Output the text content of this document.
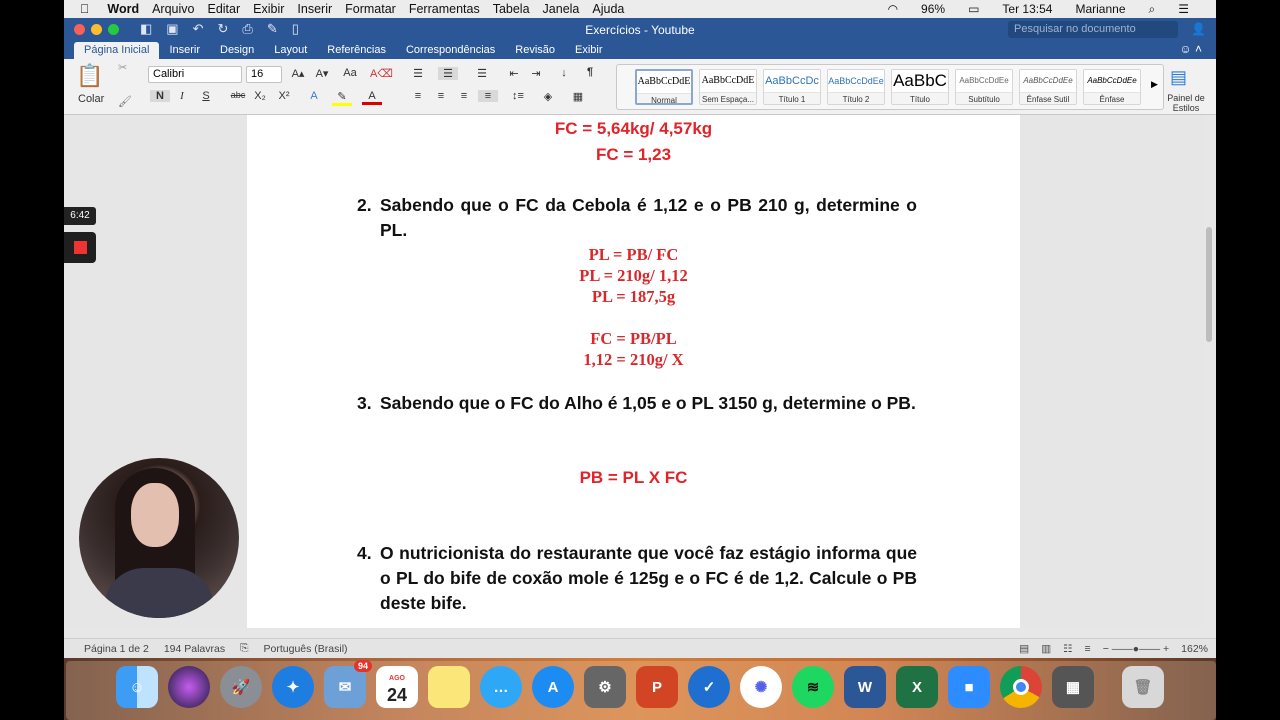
Word Arquivo Editar Exibir Inserir Formatar Ferramentas Tabela Janela Ajuda	◠ 96% ▭ Ter 13:54 Marianne ⌕ ☰
◧ ▣ ↶ ↻ ⎙ ✎ ▯	Exercícios - Youtube	Pesquisar no documento	👤
Página Inicial	Inserir	Design	Layout	Referências	Correspondências	Revisão	Exibir	☺ ˄
📋
Colar
✂
🖌
Calibri	16	A▴	A▾	Aa A⌫
N	I	S	abc X₂	X²	A	✎	A
☰	☰	☰	⇤	⇥	↓	¶
≡	≡	≡	≡	↕≡	◈	▦
AaBbCcDdE
Normal
AaBbCcDdE
Sem Espaça...
AaBbCcDc
Título 1
AaBbCcDdEe
Título 2
AaBbC
Título
AaBbCcDdEe
Subtítulo
AaBbCcDdEe
Ênfase Sutil
AaBbCcDdEe
Ênfase
▶ ▤
Painel de Estilos
FC = 5,64kg/ 4,57kg
FC = 1,23
2. Sabendo que o FC da Cebola é 1,12 e o PB 210 g, determine o PL.
PL = PB/ FC
PL = 210g/ 1,12
PL = 187,5g
FC = PB/PL
1,12 = 210g/ X
3. Sabendo que o FC do Alho é 1,05 e o PL 3150 g, determine o PB.
PB = PL X FC
4. O nutricionista do restaurante que você faz estágio informa que o PL do bife de coxão mole é 125g e o FC é de 1,2. Calcule o PB deste bife.
Página 1 de 2 194 Palavras ⎘ Português (Brasil)	▤ ▥ ☷ ≡ − ——●—— + 162%
6:42
☺	🚀	✦	✉
94
AGO
24	…	A	⚙	P	✓	✺	≋	W	X	■	▦	🗑
